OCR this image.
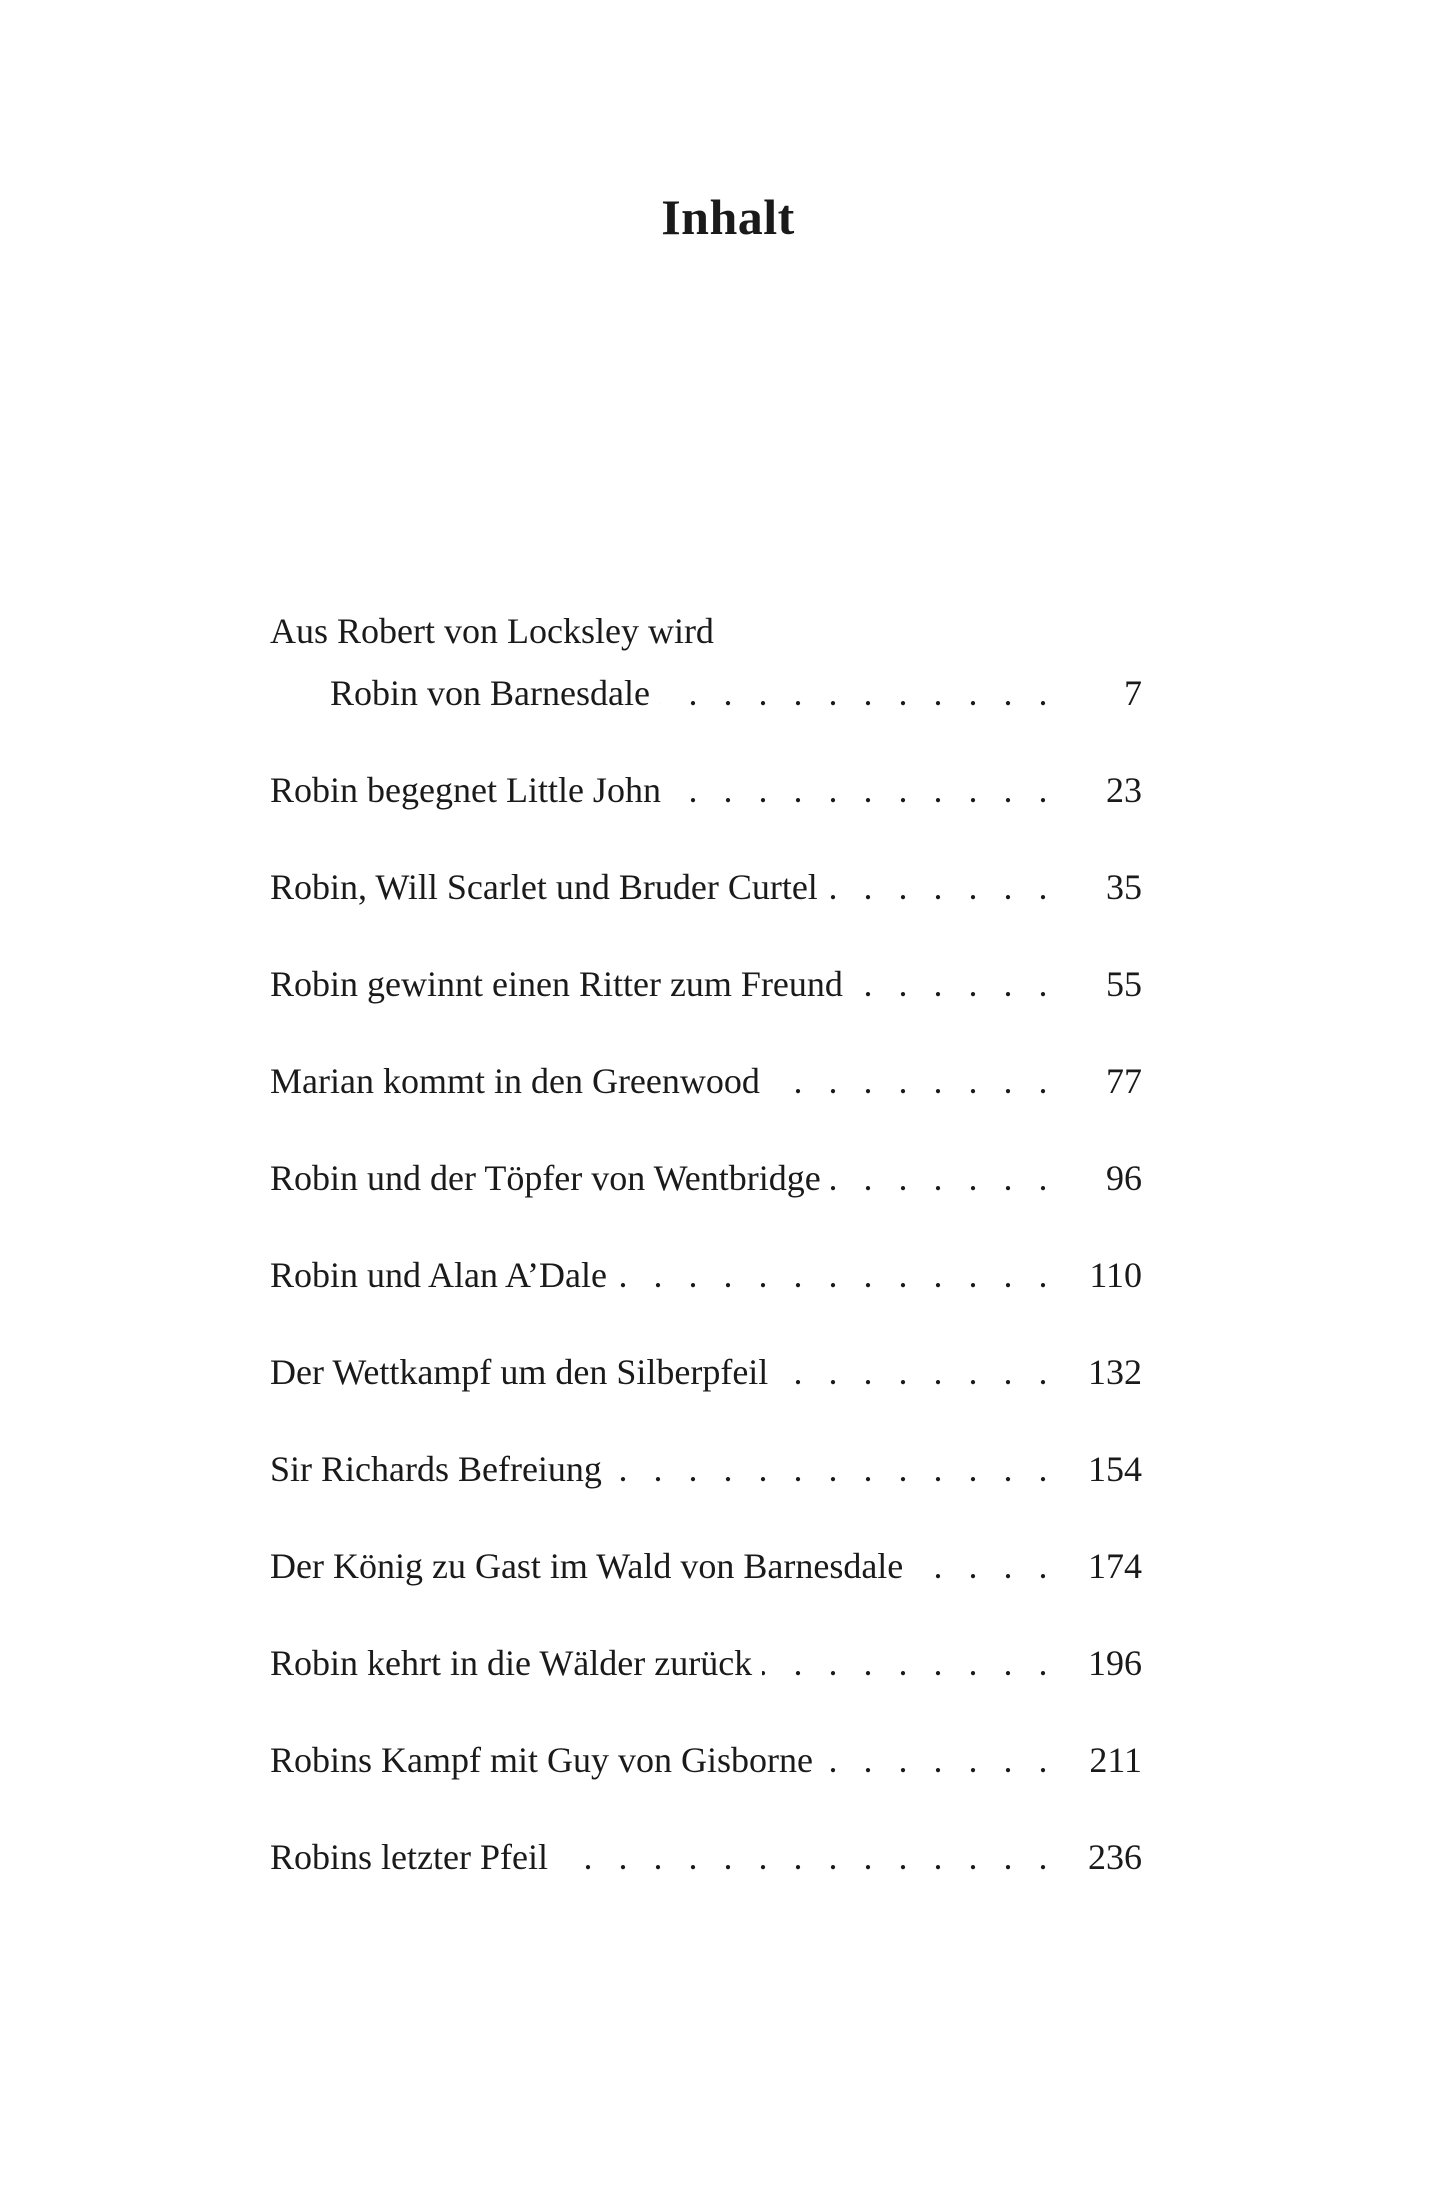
Inhalt
Aus Robert von Locksley wird
Robin von Barnesdale . . .	7
Robin begegnet Little John . . .	23
Robin, Will Scarlet und Bruder Curtel . . .	35
Robin gewinnt einen Ritter zum Freund . . .	55
Marian kommt in den Greenwood . . .	77
Robin und der Töpfer von Wentbridge . . .	96
Robin und Alan A’Dale . . .	110
Der Wettkampf um den Silberpfeil . . .	132
Sir Richards Befreiung . . .	154
Der König zu Gast im Wald von Barnesdale . . .	174
Robin kehrt in die Wälder zurück . . .	196
Robins Kampf mit Guy von Gisborne . . .	211
Robins letzter Pfeil . . .	236
